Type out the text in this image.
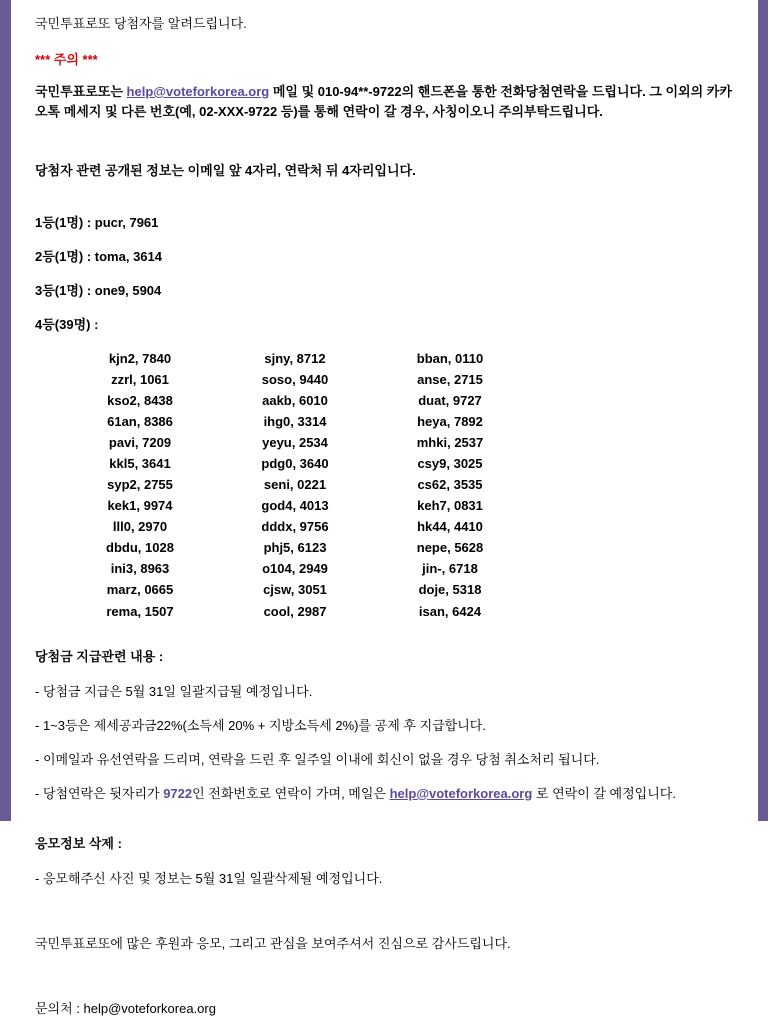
국민투표로또 당첨자를 알려드립니다.

*** 주의 ***

국민투표로또는 help@voteforkorea.org 메일 및 010-94**-9722의 핸드폰을 통한 전화당첨연락을 드립니다. 그 이외의 카카오톡 메세지 및 다른 번호(예, 02-XXX-9722 등)를 통해 연락이 갈 경우, 사칭이오니 주의부탁드립니다.

당첨자 관련 공개된 정보는 이메일 앞 4자리, 연락처 뒤 4자리입니다.

1등(1명) : pucr, 7961

2등(1명) : toma, 3614

3등(1명) : one9, 5904

4등(39명) :

kjn2, 7840	sjny, 8712	bban, 0110
zzrl, 1061	soso, 9440	anse, 2715
kso2, 8438	aakb, 6010	duat, 9727
61an, 8386	ihg0, 3314	heya, 7892
pavi, 7209	yeyu, 2534	mhki, 2537
kkl5, 3641	pdg0, 3640	csy9, 3025
syp2, 2755	seni, 0221	cs62, 3535
kek1, 9974	god4, 4013	keh7, 0831
lll0, 2970	dddx, 9756	hk44, 4410
dbdu, 1028	phj5, 6123	nepe, 5628
ini3, 8963	o104, 2949	jin-, 6718
marz, 0665	cjsw, 3051	doje, 5318
rema, 1507	cool, 2987	isan, 6424

당첨금 지급관련 내용 :

- 당첨금 지급은 5월 31일 일괄지급될 예정입니다.

- 1~3등은 제세공과금22%(소득세 20% + 지방소득세 2%)를 공제 후 지급합니다.

- 이메일과 유선연락을 드리며, 연락을 드린 후 일주일 이내에 회신이 없을 경우 당첨 취소처리 됩니다.

- 당첨연락은 뒷자리가 9722인 전화번호로 연락이 가며, 메일은 help@voteforkorea.org 로 연락이 갈 예정입니다.

응모정보 삭제 :

- 응모해주신 사진 및 정보는 5월 31일 일괄삭제될 예정입니다.

국민투표로또에 많은 후원과 응모, 그리고 관심을 보여주셔서 진심으로 감사드립니다.

문의처 : help@voteforkorea.org
